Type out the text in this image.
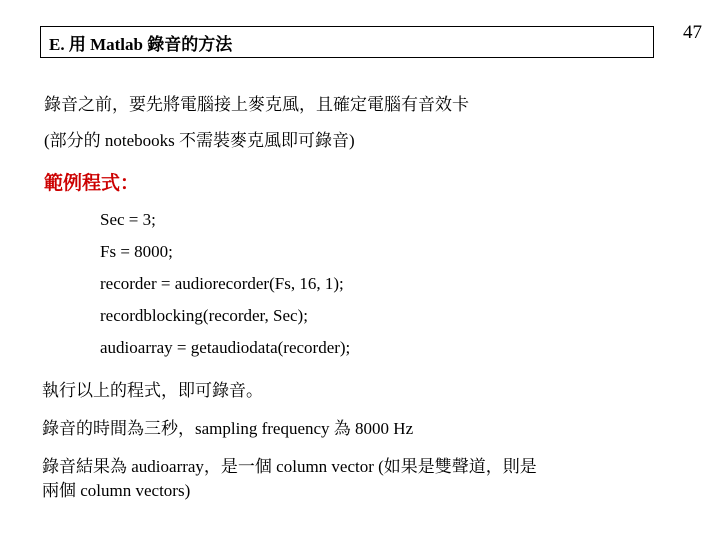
E. 用 Matlab 錄音的方法
47
錄音之前，要先將電腦接上麥克風，且確定電腦有音效卡
(部分的 notebooks 不需裝麥克風即可錄音)
範例程式：
Sec = 3;
Fs = 8000;
recorder = audiorecorder(Fs, 16, 1);
recordblocking(recorder, Sec);
audioarray = getaudiodata(recorder);
執行以上的程式，即可錄音。
錄音的時間為三秒，sampling frequency 為 8000 Hz
錄音結果為 audioarray，是一個 column vector (如果是雙聲道，則是
兩個 column vectors)
